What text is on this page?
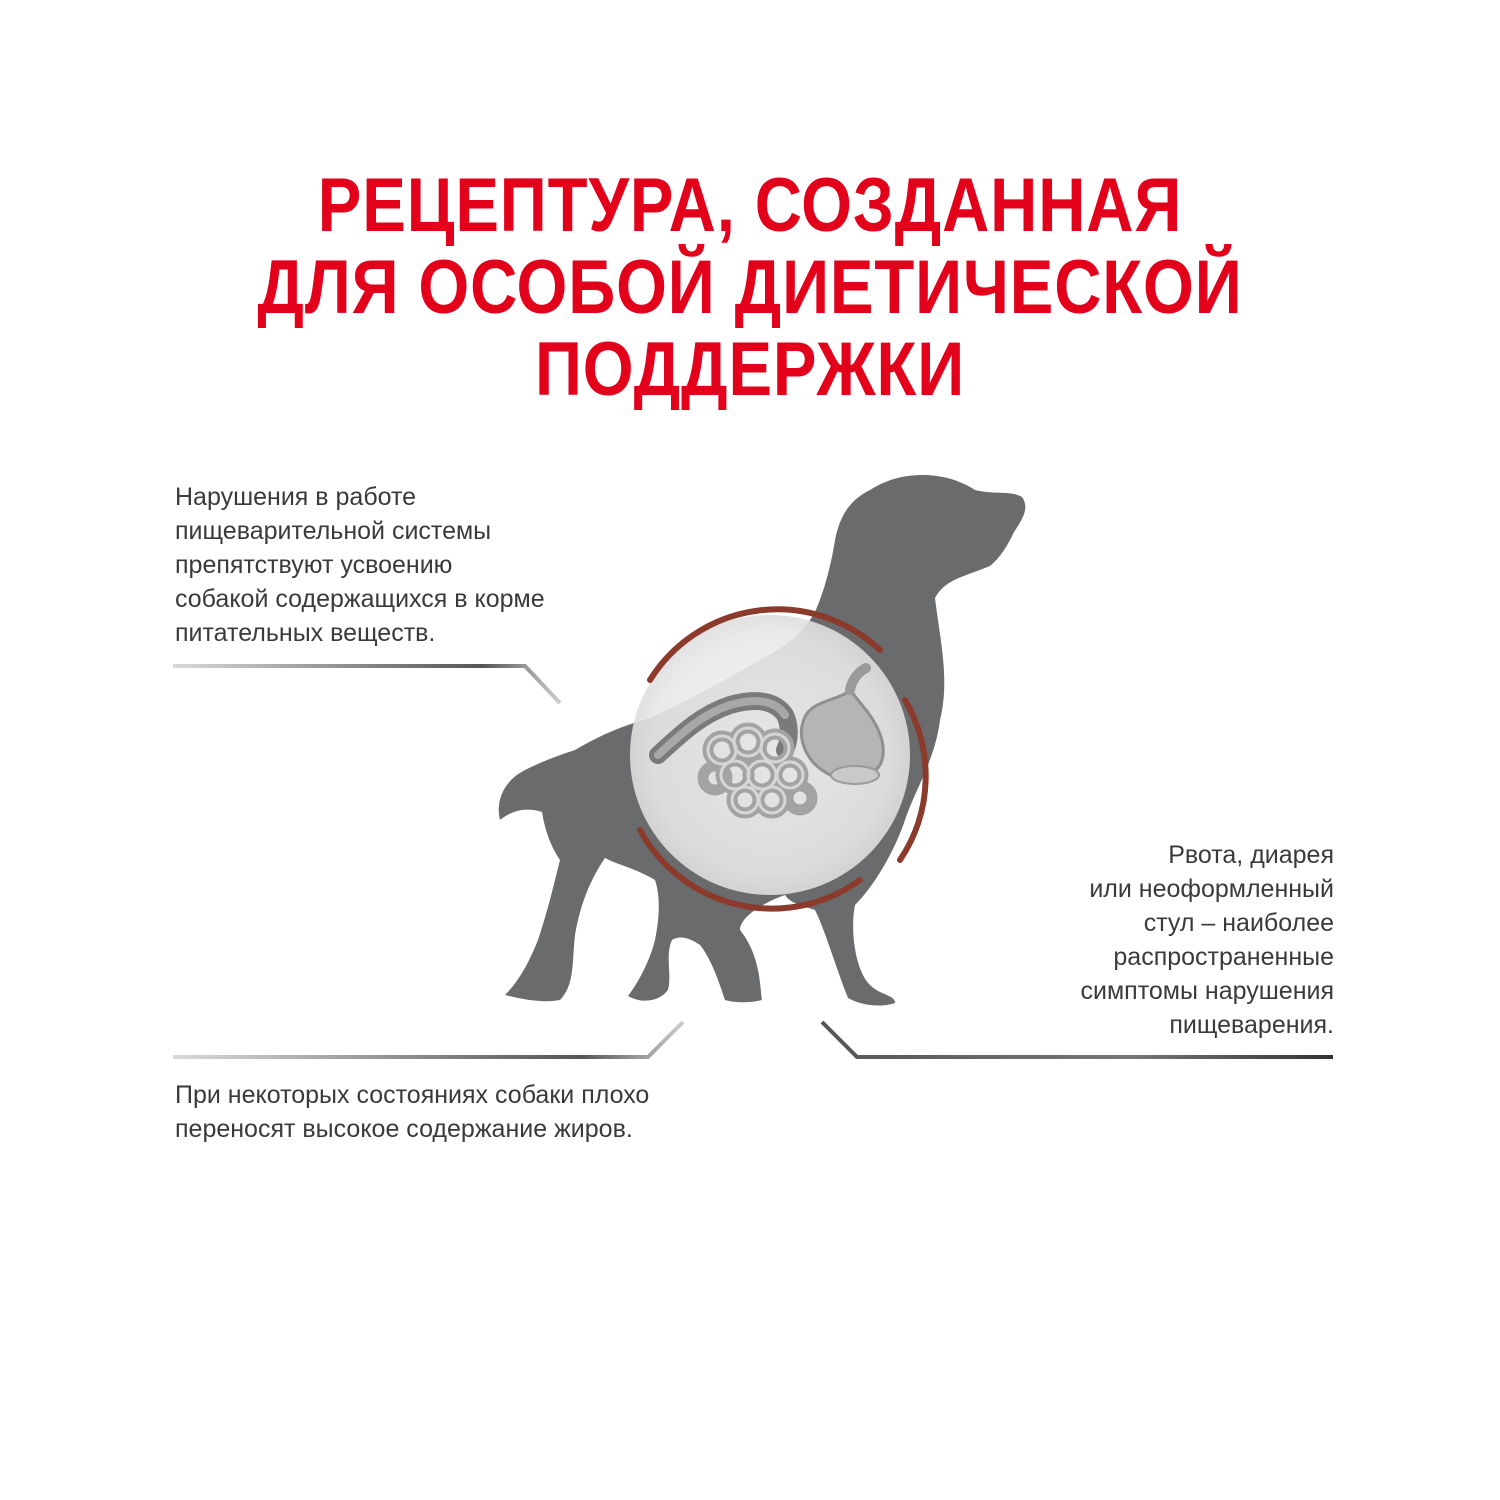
РЕЦЕПТУРА, СОЗДАННАЯ
ДЛЯ ОСОБОЙ ДИЕТИЧЕСКОЙ
ПОДДЕРЖКИ
Нарушения в работе
пищеварительной системы
препятствуют усвоению
собакой содержащихся в корме
питательных веществ.
Рвота, диарея
или неоформленный
стул – наиболее
распространенные
симптомы нарушения
пищеварения.
При некоторых состояниях собаки плохо
переносят высокое содержание жиров.
